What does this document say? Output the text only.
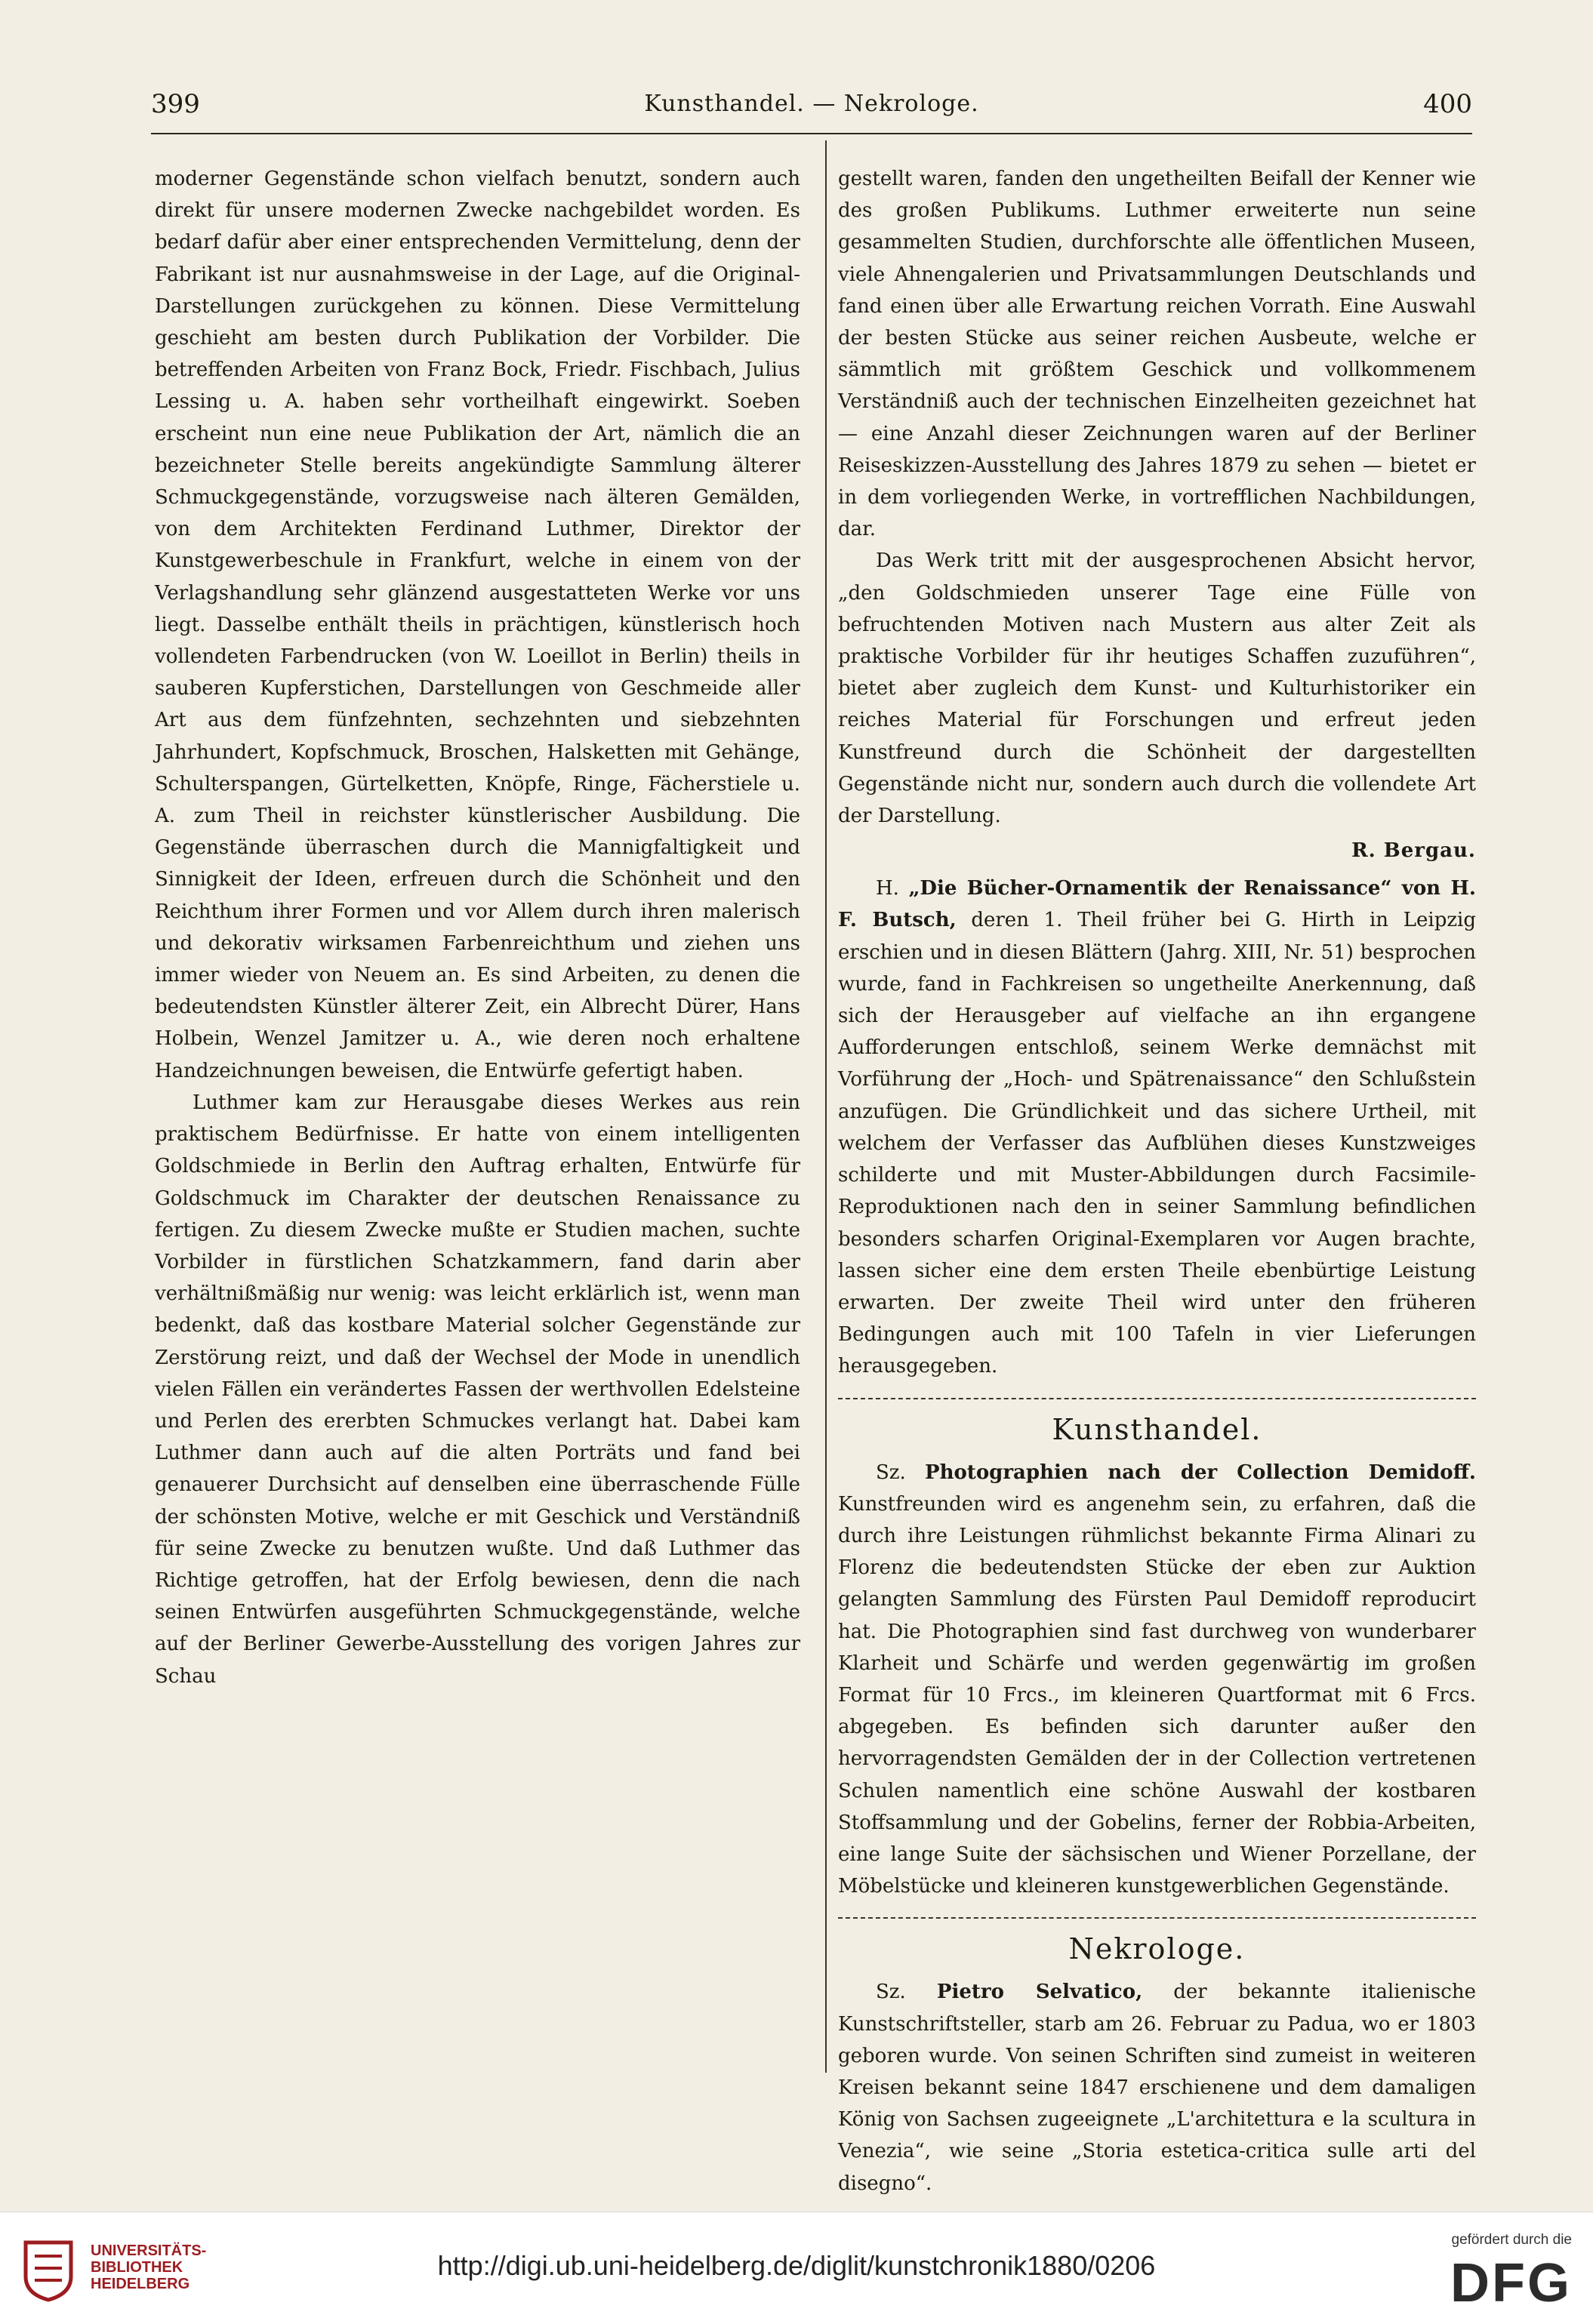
399	Kunsthandel. — Nekrologe.	400

moderner Gegenstände schon vielfach benutzt, sondern auch direkt für unsere modernen Zwecke nachgebildet worden. Es bedarf dafür aber einer entsprechenden Vermittelung, denn der Fabrikant ist nur ausnahmsweise in der Lage, auf die Original-Darstellungen zurückgehen zu können. Diese Vermittelung geschieht am besten durch Publikation der Vorbilder. Die betreffenden Arbeiten von Franz Bock, Friedr. Fischbach, Julius Lessing u. A. haben sehr vortheilhaft eingewirkt. Soeben erscheint nun eine neue Publikation der Art, nämlich die an bezeichneter Stelle bereits angekündigte Sammlung älterer Schmuckgegenstände, vorzugsweise nach älteren Gemälden, von dem Architekten Ferdinand Luthmer, Direktor der Kunstgewerbeschule in Frankfurt, welche in einem von der Verlagshandlung sehr glänzend ausgestatteten Werke vor uns liegt. Dasselbe enthält theils in prächtigen, künstlerisch hoch vollendeten Farbendrucken (von W. Loeillot in Berlin) theils in sauberen Kupferstichen, Darstellungen von Geschmeide aller Art aus dem fünfzehnten, sechzehnten und siebzehnten Jahrhundert, Kopfschmuck, Broschen, Halsketten mit Gehänge, Schulterspangen, Gürtelketten, Knöpfe, Ringe, Fächerstiele u. A. zum Theil in reichster künstlerischer Ausbildung. Die Gegenstände überraschen durch die Mannigfaltigkeit und Sinnigkeit der Ideen, erfreuen durch die Schönheit und den Reichthum ihrer Formen und vor Allem durch ihren malerisch und dekorativ wirksamen Farbenreichthum und ziehen uns immer wieder von Neuem an. Es sind Arbeiten, zu denen die bedeutendsten Künstler älterer Zeit, ein Albrecht Dürer, Hans Holbein, Wenzel Jamitzer u. A., wie deren noch erhaltene Handzeichnungen beweisen, die Entwürfe gefertigt haben.

Luthmer kam zur Herausgabe dieses Werkes aus rein praktischem Bedürfnisse. Er hatte von einem intelligenten Goldschmiede in Berlin den Auftrag erhalten, Entwürfe für Goldschmuck im Charakter der deutschen Renaissance zu fertigen. Zu diesem Zwecke mußte er Studien machen, suchte Vorbilder in fürstlichen Schatzkammern, fand darin aber verhältnißmäßig nur wenig: was leicht erklärlich ist, wenn man bedenkt, daß das kostbare Material solcher Gegenstände zur Zerstörung reizt, und daß der Wechsel der Mode in unendlich vielen Fällen ein verändertes Fassen der werthvollen Edelsteine und Perlen des ererbten Schmuckes verlangt hat. Dabei kam Luthmer dann auch auf die alten Porträts und fand bei genauerer Durchsicht auf denselben eine überraschende Fülle der schönsten Motive, welche er mit Geschick und Verständniß für seine Zwecke zu benutzen wußte. Und daß Luthmer das Richtige getroffen, hat der Erfolg bewiesen, denn die nach seinen Entwürfen ausgeführten Schmuckgegenstände, welche auf der Berliner Gewerbe-Ausstellung des vorigen Jahres zur Schau

gestellt waren, fanden den ungetheilten Beifall der Kenner wie des großen Publikums. Luthmer erweiterte nun seine gesammelten Studien, durchforschte alle öffentlichen Museen, viele Ahnengalerien und Privatsammlungen Deutschlands und fand einen über alle Erwartung reichen Vorrath. Eine Auswahl der besten Stücke aus seiner reichen Ausbeute, welche er sämmtlich mit größtem Geschick und vollkommenem Verständniß auch der technischen Einzelheiten gezeichnet hat — eine Anzahl dieser Zeichnungen waren auf der Berliner Reiseskizzen-Ausstellung des Jahres 1879 zu sehen — bietet er in dem vorliegenden Werke, in vortrefflichen Nachbildungen, dar.

Das Werk tritt mit der ausgesprochenen Absicht hervor, „den Goldschmieden unserer Tage eine Fülle von befruchtenden Motiven nach Mustern aus alter Zeit als praktische Vorbilder für ihr heutiges Schaffen zuzuführen“, bietet aber zugleich dem Kunst- und Kulturhistoriker ein reiches Material für Forschungen und erfreut jeden Kunstfreund durch die Schönheit der dargestellten Gegenstände nicht nur, sondern auch durch die vollendete Art der Darstellung.

R. Bergau.

H. „Die Bücher-Ornamentik der Renaissance“ von H. F. Butsch, deren 1. Theil früher bei G. Hirth in Leipzig erschien und in diesen Blättern (Jahrg. XIII, Nr. 51) besprochen wurde, fand in Fachkreisen so ungetheilte Anerkennung, daß sich der Herausgeber auf vielfache an ihn ergangene Aufforderungen entschloß, seinem Werke demnächst mit Vorführung der „Hoch- und Spätrenaissance“ den Schlußstein anzufügen. Die Gründlichkeit und das sichere Urtheil, mit welchem der Verfasser das Aufblühen dieses Kunstzweiges schilderte und mit Muster-Abbildungen durch Facsimile-Reproduktionen nach den in seiner Sammlung befindlichen besonders scharfen Original-Exemplaren vor Augen brachte, lassen sicher eine dem ersten Theile ebenbürtige Leistung erwarten. Der zweite Theil wird unter den früheren Bedingungen auch mit 100 Tafeln in vier Lieferungen herausgegeben.

Kunsthandel.

Sz. Photographien nach der Collection Demidoff. Kunstfreunden wird es angenehm sein, zu erfahren, daß die durch ihre Leistungen rühmlichst bekannte Firma Alinari zu Florenz die bedeutendsten Stücke der eben zur Auktion gelangten Sammlung des Fürsten Paul Demidoff reproducirt hat. Die Photographien sind fast durchweg von wunderbarer Klarheit und Schärfe und werden gegenwärtig im großen Format für 10 Frcs., im kleineren Quartformat mit 6 Frcs. abgegeben. Es befinden sich darunter außer den hervorragendsten Gemälden der in der Collection vertretenen Schulen namentlich eine schöne Auswahl der kostbaren Stoffsammlung und der Gobelins, ferner der Robbia-Arbeiten, eine lange Suite der sächsischen und Wiener Porzellane, der Möbelstücke und kleineren kunstgewerblichen Gegenstände.

Nekrologe.

Sz. Pietro Selvatico, der bekannte italienische Kunstschriftsteller, starb am 26. Februar zu Padua, wo er 1803 geboren wurde. Von seinen Schriften sind zumeist in weiteren Kreisen bekannt seine 1847 erschienene und dem damaligen König von Sachsen zugeeignete „L'architettura e la scultura in Venezia“, wie seine „Storia estetica-critica sulle arti del disegno“.

UNIVERSITÄTS-
BIBLIOTHEK
HEIDELBERG
http://digi.ub.uni-heidelberg.de/diglit/kunstchronik1880/0206
gefördert durch die
DFG
